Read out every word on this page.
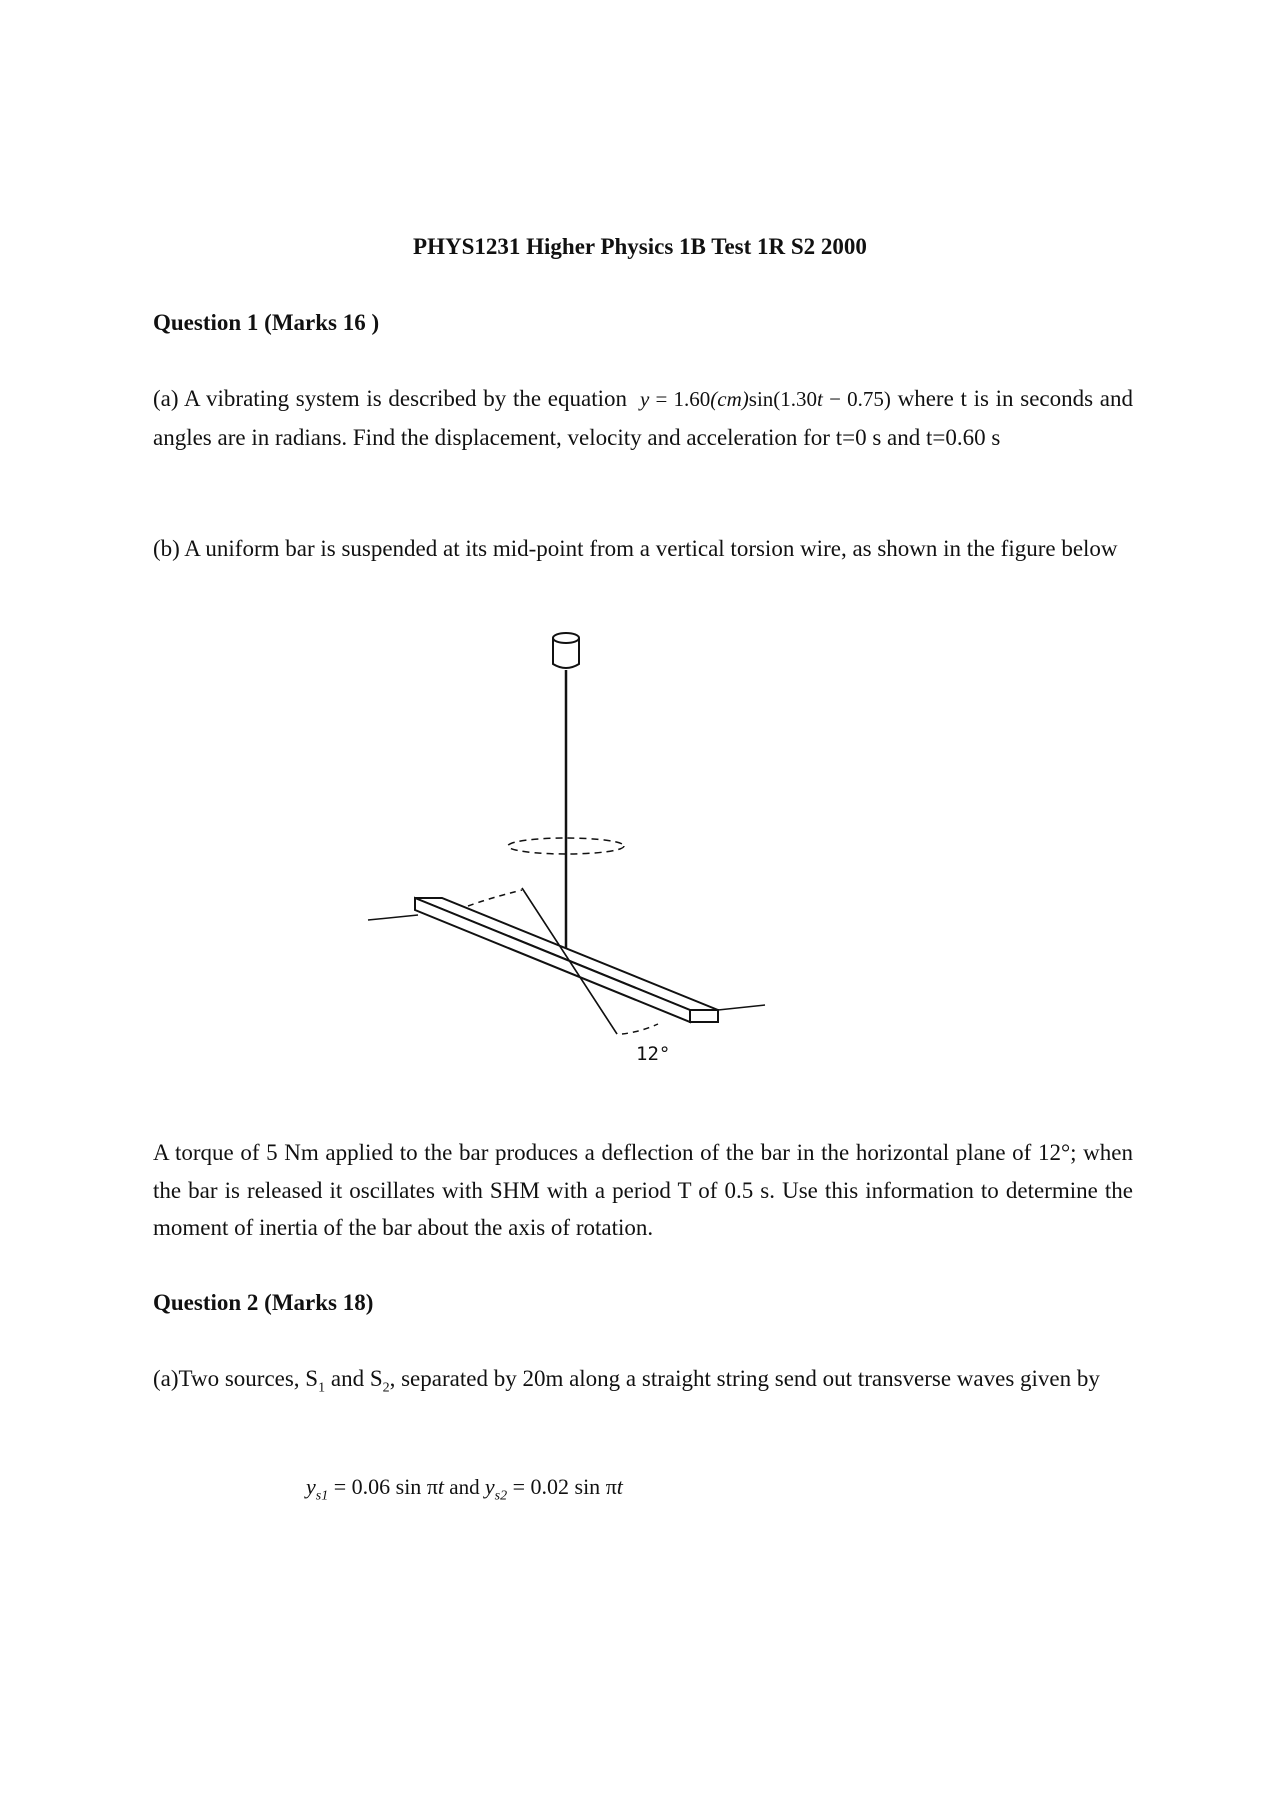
PHYS1231 Higher Physics 1B Test 1R S2 2000
Question 1 (Marks 16 )
(a) A vibrating system is described by the equation y = 1.60(cm)sin(1.30t − 0.75) where t is in seconds and angles are in radians. Find the displacement, velocity and acceleration for t=0 s and t=0.60 s
(b) A uniform bar is suspended at its mid-point from a vertical torsion wire, as shown in the figure below
12°
A torque of 5 Nm applied to the bar produces a deflection of the bar in the horizontal plane of 12°; when the bar is released it oscillates with SHM with a period T of 0.5 s. Use this information to determine the moment of inertia of the bar about the axis of rotation.
Question 2 (Marks 18)
(a)Two sources, $S_1$ and $S_2$, separated by 20m along a straight string send out transverse waves given by
$y_{s1} = 0.06$ sin πt and $y_{s2} = 0.02$ sin πt
